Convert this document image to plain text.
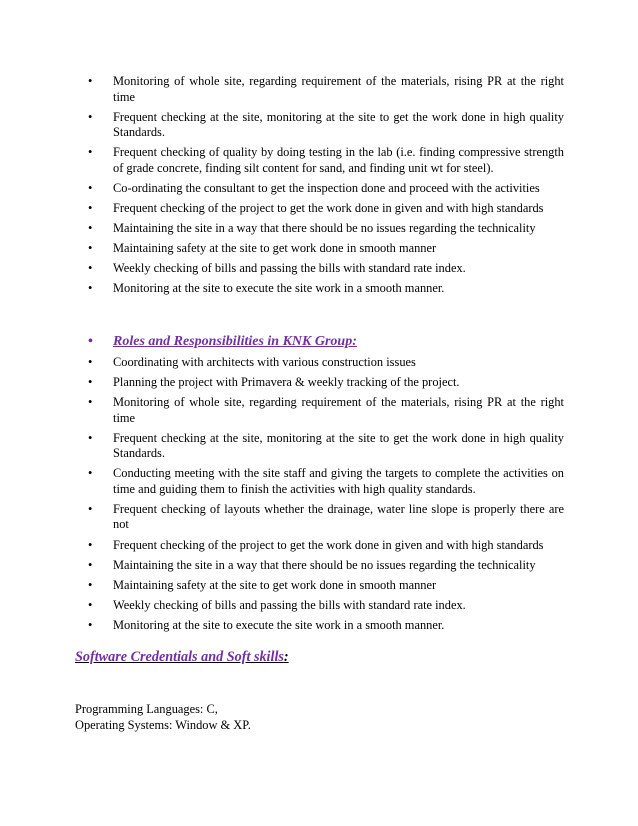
• Monitoring of whole site, regarding requirement of the materials, rising PR at the right time
• Frequent checking at the site, monitoring at the site to get the work done in high quality Standards.
• Frequent checking of quality by doing testing in the lab (i.e. finding compressive strength of grade concrete, finding silt content for sand, and finding unit wt for steel).
• Co-ordinating the consultant to get the inspection done and proceed with the activities
• Frequent checking of the project to get the work done in given and with high standards
• Maintaining the site in a way that there should be no issues regarding the technicality
• Maintaining safety at the site to get work done in smooth manner
• Weekly checking of bills and passing the bills with standard rate index.
• Monitoring at the site to execute the site work in a smooth manner.
• Roles and Responsibilities in KNK Group:
• Coordinating with architects with various construction issues
• Planning the project with Primavera & weekly tracking of the project.
• Monitoring of whole site, regarding requirement of the materials, rising PR at the right time
• Frequent checking at the site, monitoring at the site to get the work done in high quality Standards.
• Conducting meeting with the site staff and giving the targets to complete the activities on time and guiding them to finish the activities with high quality standards.
• Frequent checking of layouts whether the drainage, water line slope is properly there are not
• Frequent checking of the project to get the work done in given and with high standards
• Maintaining the site in a way that there should be no issues regarding the technicality
• Maintaining safety at the site to get work done in smooth manner
• Weekly checking of bills and passing the bills with standard rate index.
• Monitoring at the site to execute the site work in a smooth manner.
Software Credentials and Soft skills:
Programming Languages: C,
Operating Systems: Window & XP.
